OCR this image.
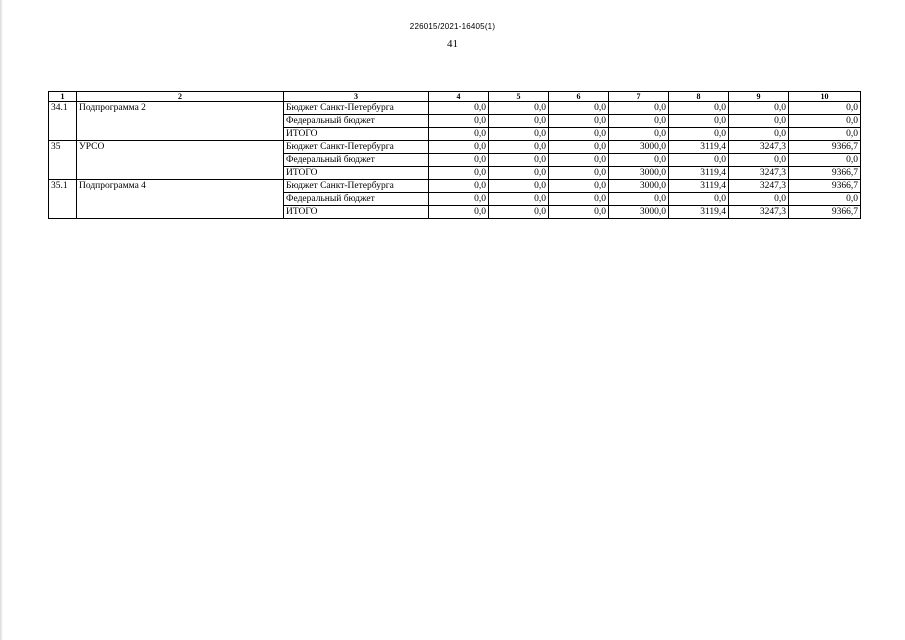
226015/2021-16405(1)
41
1	2	3	4	5	6	7	8	9	10
34.1	Подпрограмма 2	Бюджет Санкт-Петербурга	0,0	0,0	0,0	0,0	0,0	0,0	0,0
		Федеральный бюджет	0,0	0,0	0,0	0,0	0,0	0,0	0,0
		ИТОГО	0,0	0,0	0,0	0,0	0,0	0,0	0,0
35	УРСО	Бюджет Санкт-Петербурга	0,0	0,0	0,0	3000,0	3119,4	3247,3	9366,7
		Федеральный бюджет	0,0	0,0	0,0	0,0	0,0	0,0	0,0
		ИТОГО	0,0	0,0	0,0	3000,0	3119,4	3247,3	9366,7
35.1	Подпрограмма 4	Бюджет Санкт-Петербурга	0,0	0,0	0,0	3000,0	3119,4	3247,3	9366,7
		Федеральный бюджет	0,0	0,0	0,0	0,0	0,0	0,0	0,0
		ИТОГО	0,0	0,0	0,0	3000,0	3119,4	3247,3	9366,7
